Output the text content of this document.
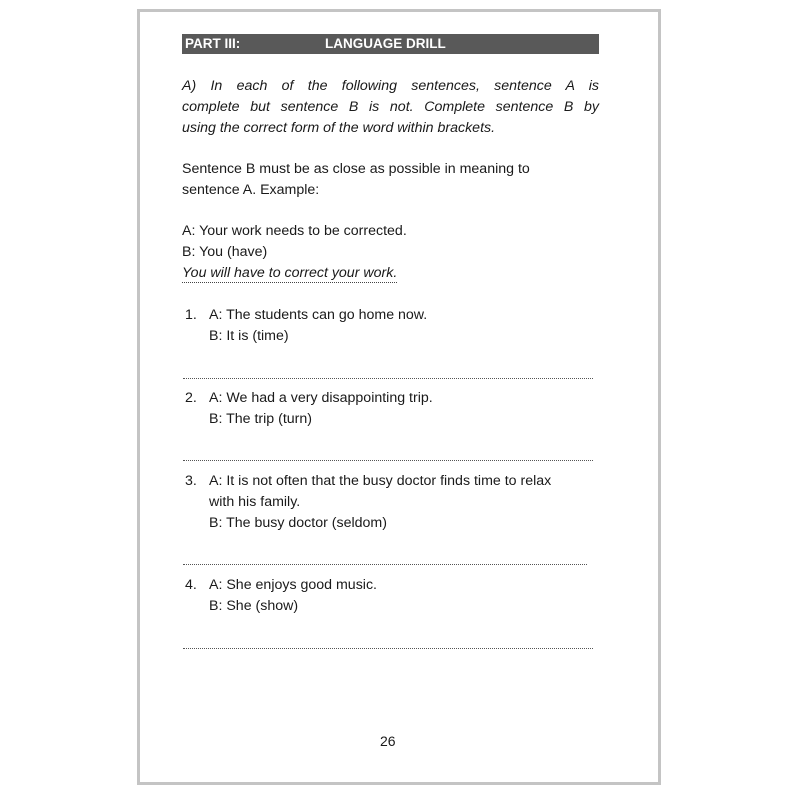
PART III:	LANGUAGE DRILL
A) In each of the following sentences, sentence A is
complete but sentence B is not. Complete sentence B by
using the correct form of the word within brackets.
Sentence B must be as close as possible in meaning to
sentence A. Example:
A: Your work needs to be corrected.
B: You (have)
You will have to correct your work.
1. A: The students can go home now.
B: It is (time)
2. A: We had a very disappointing trip.
B: The trip (turn)
3. A: It is not often that the busy doctor finds time to relax
with his family.
B: The busy doctor (seldom)
4. A: She enjoys good music.
B: She (show)
26
